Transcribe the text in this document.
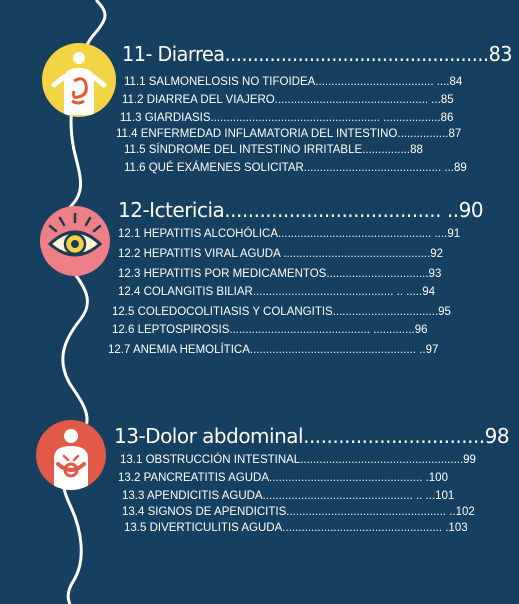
11- Diarrea...............................................83
11.1 SALMONELOSIS NO TIFOIDEA..................................... ....84
11.2 DIARREA DEL VIAJERO................................................ ...85
11.3 GIARDIASIS..................................................... ..................86
11.4 ENFERMEDAD INFLAMATORIA DEL INTESTINO................87
11.5 SÍNDROME DEL INTESTINO IRRITABLE...............88
11.6 QUÉ EXÁMENES SOLICITAR........................................... ...89
12-Ictericia..................................... ..90
12.1 HEPATITIS ALCOHÓLICA................................................ ....91
12.2 HEPATITIS VIRAL AGUDA ..............................................92
12.3 HEPATITIS POR MEDICAMENTOS................................93
12.4 COLANGITIS BILIAR............................................ .. .....94
12.5 COLEDOCOLITIASIS Y COLANGITIS.................................95
12.6 LEPTOSPIROSIS............................................ .............96
12.7 ANEMIA HEMOLÍTICA.................................................... ..97
13-Dolor abdominal...............................98
13.1 OBSTRUCCIÓN INTESTINAL...................................................99
13.2 PANCREATITIS AGUDA................................................ .100
13.3 APENDICITIS AGUDA............................................... .. ...101
13.4 SIGNOS DE APENDICITIS.................................................. ..102
13.5 DIVERTICULITIS AGUDA.................................................. .103
